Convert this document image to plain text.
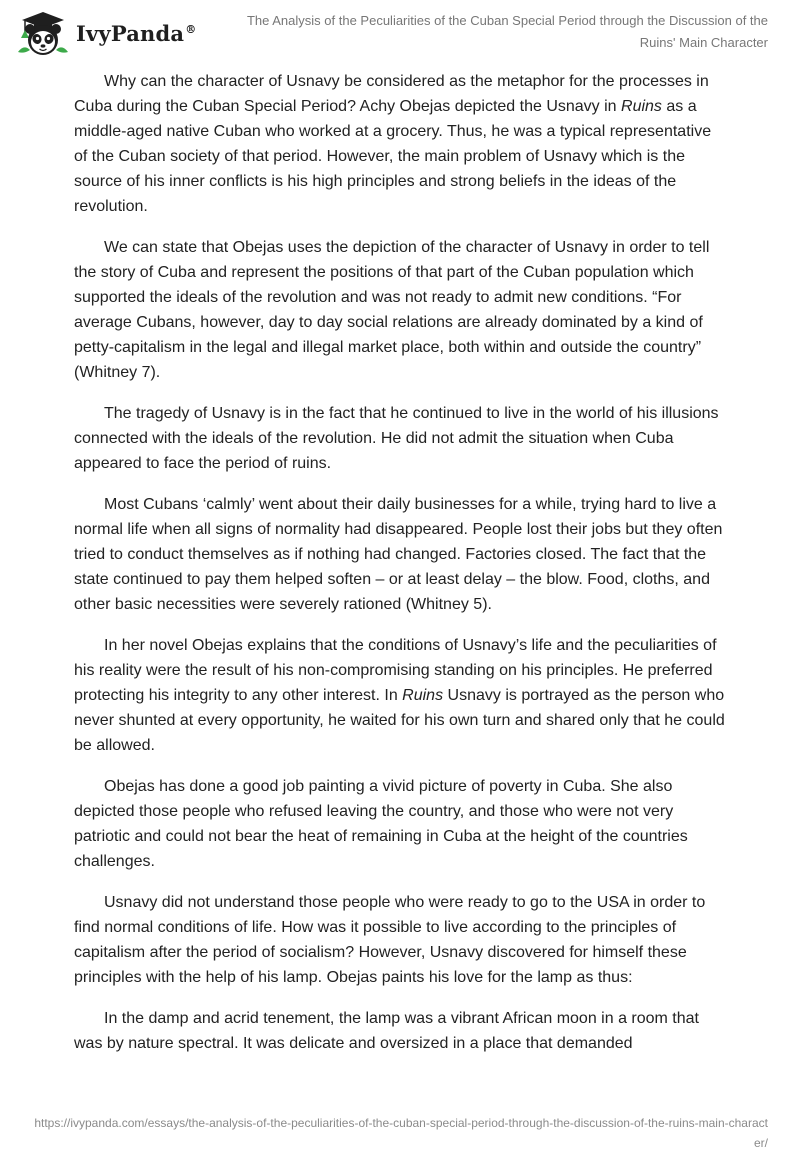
IvyPanda®
The Analysis of the Peculiarities of the Cuban Special Period through the Discussion of the Ruins' Main Character

Why can the character of Usnavy be considered as the metaphor for the processes in Cuba during the Cuban Special Period? Achy Obejas depicted the Usnavy in Ruins as a middle-aged native Cuban who worked at a grocery. Thus, he was a typical representative of the Cuban society of that period. However, the main problem of Usnavy which is the source of his inner conflicts is his high principles and strong beliefs in the ideas of the revolution.

We can state that Obejas uses the depiction of the character of Usnavy in order to tell the story of Cuba and represent the positions of that part of the Cuban population which supported the ideals of the revolution and was not ready to admit new conditions. “For average Cubans, however, day to day social relations are already dominated by a kind of petty-capitalism in the legal and illegal market place, both within and outside the country” (Whitney 7).

The tragedy of Usnavy is in the fact that he continued to live in the world of his illusions connected with the ideals of the revolution. He did not admit the situation when Cuba appeared to face the period of ruins.

Most Cubans ‘calmly’ went about their daily businesses for a while, trying hard to live a normal life when all signs of normality had disappeared. People lost their jobs but they often tried to conduct themselves as if nothing had changed. Factories closed. The fact that the state continued to pay them helped soften – or at least delay – the blow. Food, cloths, and other basic necessities were severely rationed (Whitney 5).

In her novel Obejas explains that the conditions of Usnavy’s life and the peculiarities of his reality were the result of his non-compromising standing on his principles. He preferred protecting his integrity to any other interest. In Ruins Usnavy is portrayed as the person who never shunted at every opportunity, he waited for his own turn and shared only that he could be allowed.

Obejas has done a good job painting a vivid picture of poverty in Cuba. She also depicted those people who refused leaving the country, and those who were not very patriotic and could not bear the heat of remaining in Cuba at the height of the countries challenges.

Usnavy did not understand those people who were ready to go to the USA in order to find normal conditions of life. How was it possible to live according to the principles of capitalism after the period of socialism? However, Usnavy discovered for himself these principles with the help of his lamp. Obejas paints his love for the lamp as thus:

In the damp and acrid tenement, the lamp was a vibrant African moon in a room that was by nature spectral. It was delicate and oversized in a place that demanded

https://ivypanda.com/essays/the-analysis-of-the-peculiarities-of-the-cuban-special-period-through-the-discussion-of-the-ruins-main-character/
